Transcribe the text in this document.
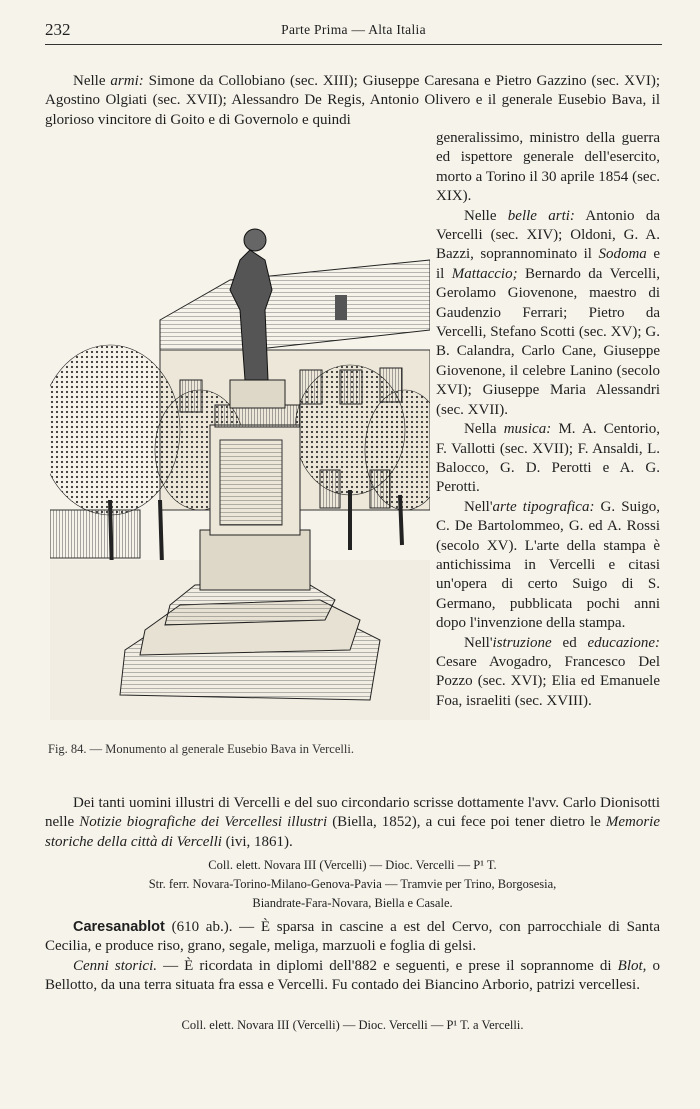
232	Parte Prima — Alta Italia

Nelle armi: Simone da Collobiano (sec. XIII); Giuseppe Caresana e Pietro Gazzino (sec. XVI); Agostino Olgiati (sec. XVII); Alessandro De Regis, Antonio Olivero e il generale Eusebio Bava, il glorioso vincitore di Goito e di Governolo e quindi

generalissimo, ministro della guerra ed ispettore generale dell'esercito, morto a Torino il 30 aprile 1854 (sec. XIX).

Nelle belle arti: Antonio da Vercelli (sec. XIV); Oldoni, G. A. Bazzi, soprannominato il Sodoma e il Mattaccio; Bernardo da Vercelli, Gerolamo Giovenone, maestro di Gaudenzio Ferrari; Pietro da Vercelli, Stefano Scotti (sec. XV); G. B. Calandra, Carlo Cane, Giuseppe Giovenone, il celebre Lanino (secolo XVI); Giuseppe Maria Alessandri (sec. XVII).

Nella musica: M. A. Centorio, F. Vallotti (sec. XVII); F. Ansaldi, L. Balocco, G. D. Perotti e A. G. Perotti.

Nell'arte tipografica: G. Suigo, C. De Bartolommeo, G. ed A. Rossi (secolo XV). L'arte della stampa è antichissima in Vercelli e citasi un'opera di certo Suigo di S. Germano, pubblicata pochi anni dopo l'invenzione della stampa.

Nell'istruzione ed educazione: Cesare Avogadro, Francesco Del Pozzo (sec. XVI); Elia ed Emanuele Foa, israeliti (sec. XVIII).

Fig. 84. — Monumento al generale Eusebio Bava in Vercelli.

Dei tanti uomini illustri di Vercelli e del suo circondario scrisse dottamente l'avv. Carlo Dionisotti nelle Notizie biografiche dei Vercellesi illustri (Biella, 1852), a cui fece poi tener dietro le Memorie storiche della città di Vercelli (ivi, 1861).

Coll. elett. Novara III (Vercelli) — Dioc. Vercelli — P¹ T.

Str. ferr. Novara-Torino-Milano-Genova-Pavia — Tramvie per Trino, Borgosesia,

Biandrate-Fara-Novara, Biella e Casale.

Caresanablot (610 ab.). — È sparsa in cascine a est del Cervo, con parrocchiale di Santa Cecilia, e produce riso, grano, segale, meliga, marzuoli e foglia di gelsi.

Cenni storici. — È ricordata in diplomi dell'882 e seguenti, e prese il soprannome di Blot, o Bellotto, da una terra situata fra essa e Vercelli. Fu contado dei Biancino Arborio, patrizi vercellesi.

Coll. elett. Novara III (Vercelli) — Dioc. Vercelli — P¹ T. a Vercelli.
